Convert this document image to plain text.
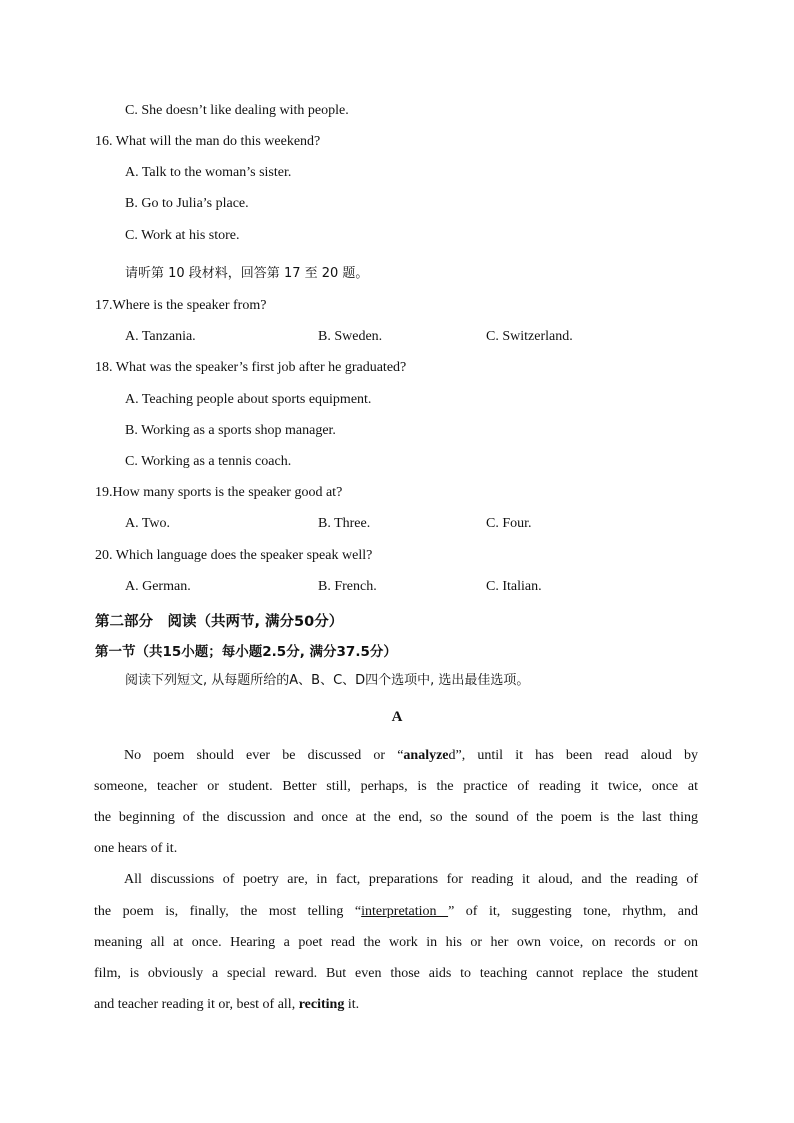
C. She doesn’t like dealing with people.
16. What will the man do this weekend?
A. Talk to the woman’s sister.
B. Go to Julia’s place.
C. Work at his store.
请听第 10 段材料，回答第 17 至 20 题。
17.Where is the speaker from?
A. Tanzania.	B. Sweden.	C. Switzerland.
18. What was the speaker’s first job after he graduated?
A. Teaching people about sports equipment.
B. Working as a sports shop manager.
C. Working as a tennis coach.
19.How many sports is the speaker good at?
A. Two.	B. Three.	C. Four.
20. Which language does the speaker speak well?
A. German.	B. French.	C. Italian.
第二部分　阅读（共两节, 满分50分）
第一节（共15小题；每小题2.5分, 满分37.5分）
阅读下列短文, 从每题所给的A、B、C、D四个选项中, 选出最佳选项。
A
No poem should ever be discussed or “analyzed”, until it has been read aloud by
someone, teacher or student. Better still, perhaps, is the practice of reading it twice, once at
the beginning of the discussion and once at the end, so the sound of the poem is the last thing
one hears of it.
All discussions of poetry are, in fact, preparations for reading it aloud, and the reading of
the poem is, finally, the most telling “interpretation ” of it, suggesting tone, rhythm, and
meaning all at once. Hearing a poet read the work in his or her own voice, on records or on
film, is obviously a special reward. But even those aids to teaching cannot replace the student
and teacher reading it or, best of all, reciting it.
